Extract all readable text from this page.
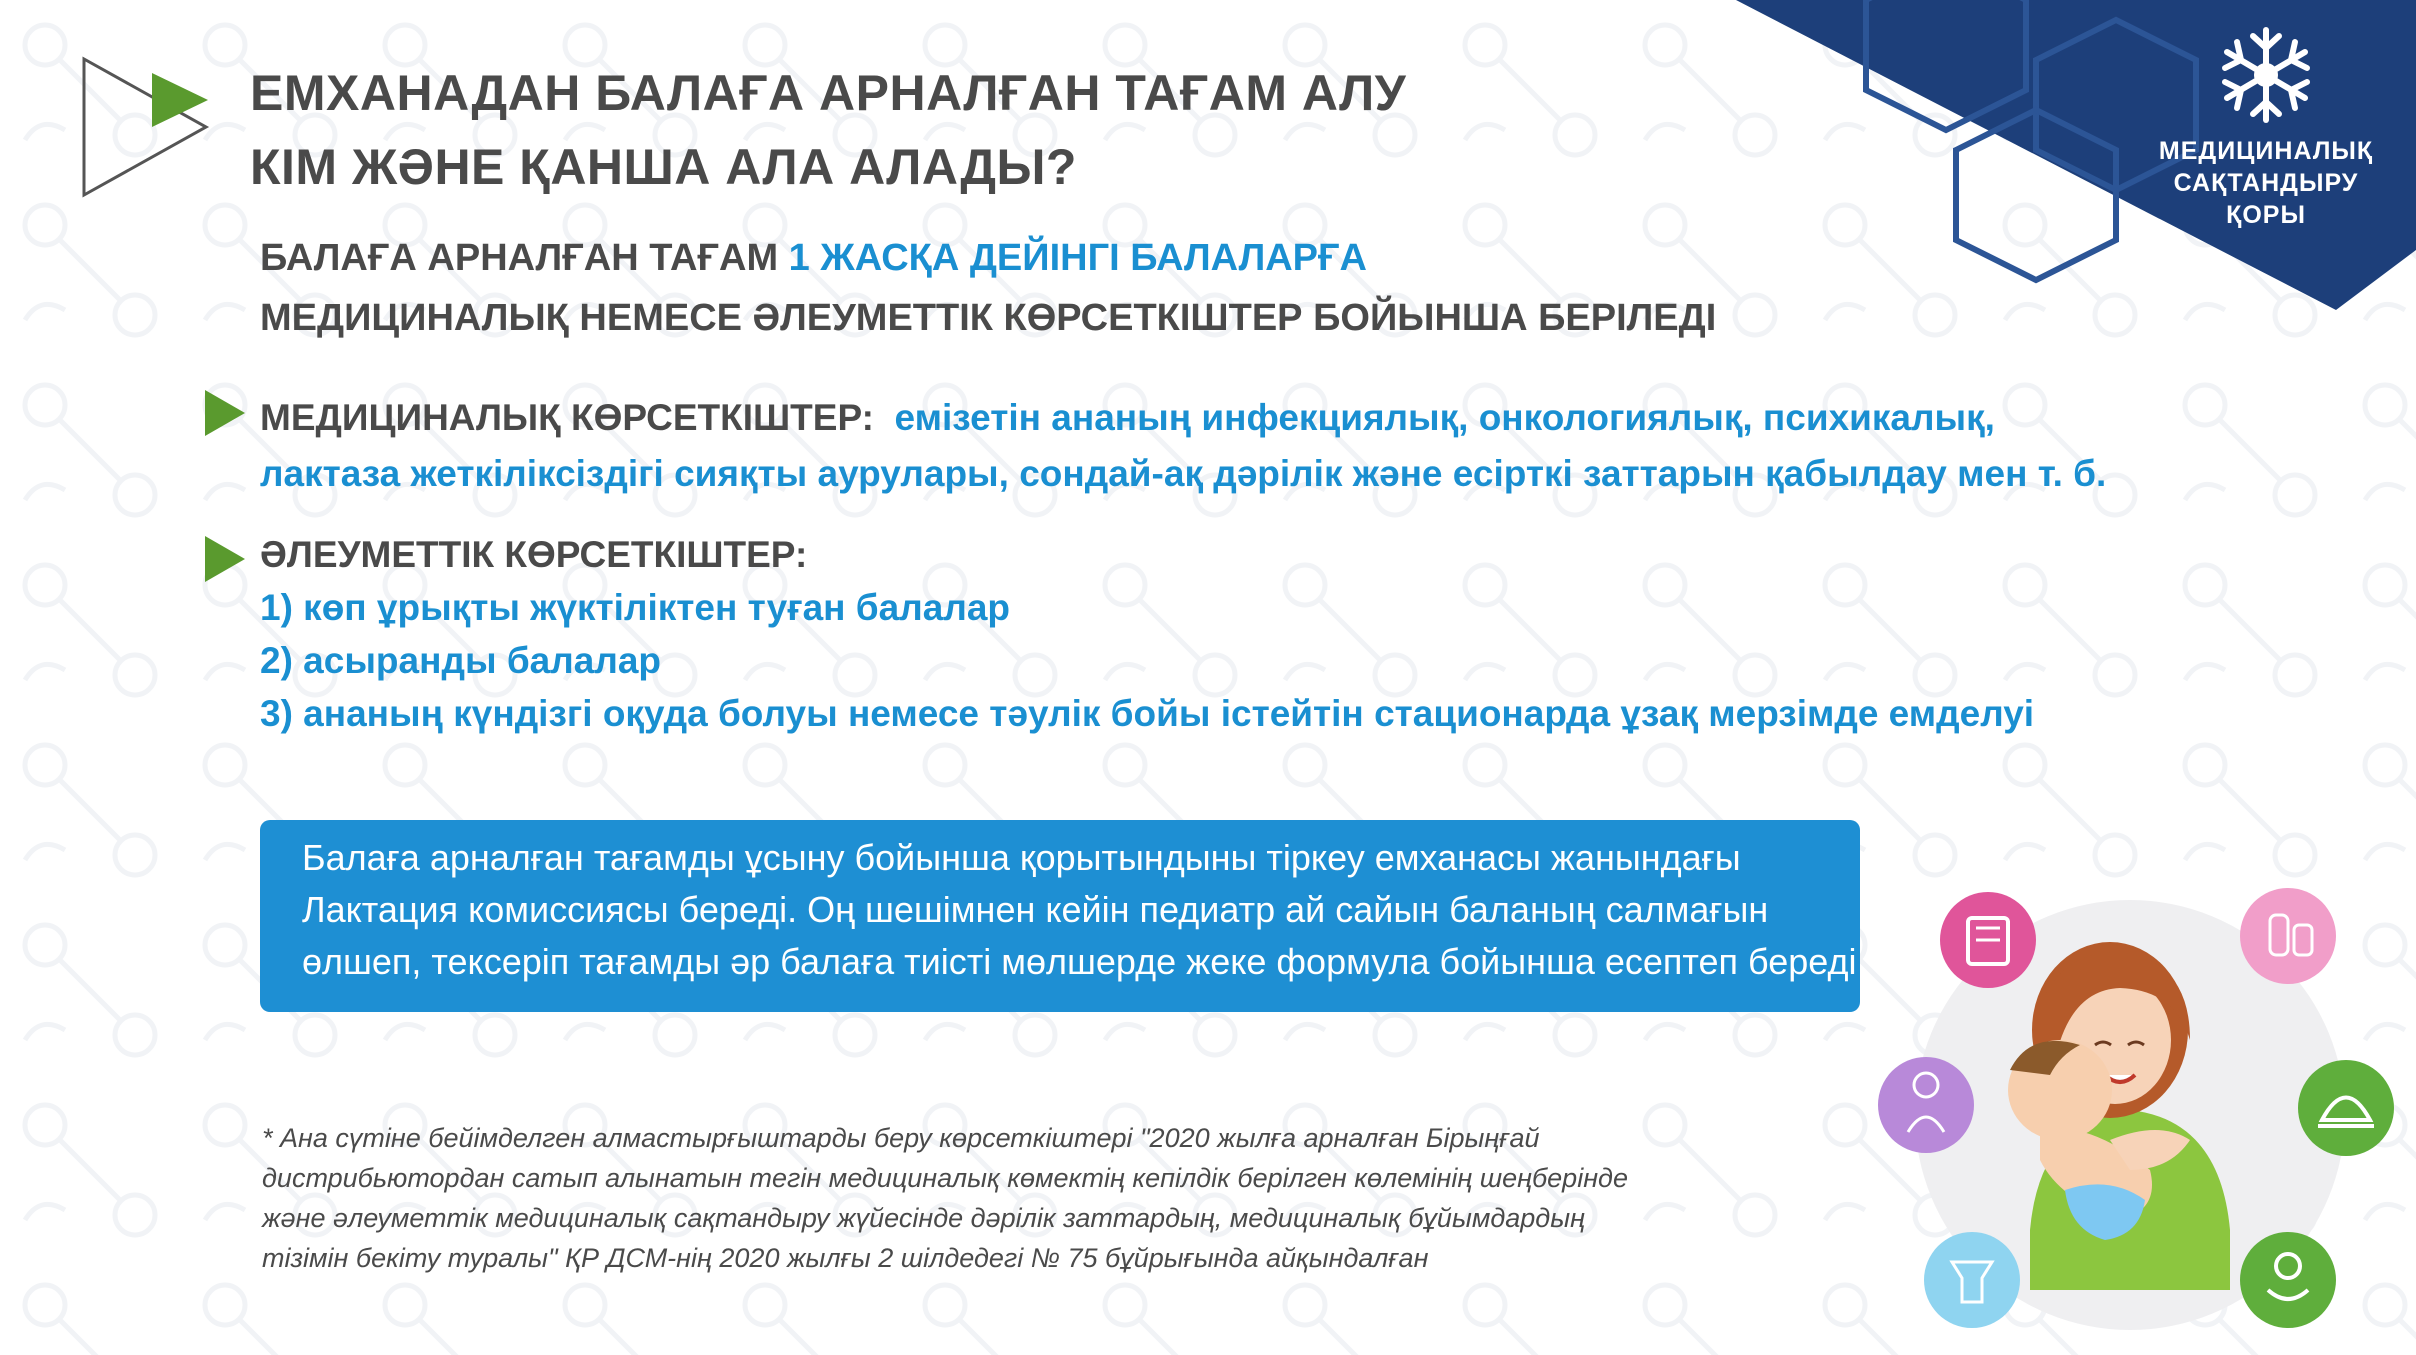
МЕДИЦИНАЛЫҚ
САҚТАНДЫРУ
ҚОРЫ
ЕМХАНАДАН БАЛАҒА АРНАЛҒАН ТАҒАМ АЛУ
КІМ ЖӘНЕ ҚАНША АЛА АЛАДЫ?
БАЛАҒА АРНАЛҒАН ТАҒАМ 1 ЖАСҚА ДЕЙІНГІ БАЛАЛАРҒА
МЕДИЦИНАЛЫҚ НЕМЕСЕ ӘЛЕУМЕТТІК КӨРСЕТКІШТЕР БОЙЫНША БЕРІЛЕДІ
МЕДИЦИНАЛЫҚ КӨРСЕТКІШТЕР: емізетін ананың инфекциялық, онкологиялық, психикалық,
лактаза жеткіліксіздігі сияқты аурулары, сондай-ақ дәрілік және есірткі заттарын қабылдау мен т. б.
ӘЛЕУМЕТТІК КӨРСЕТКІШТЕР:
1) көп ұрықты жүктіліктен туған балалар
2) асыранды балалар
3) ананың күндізгі оқуда болуы немесе тәулік бойы істейтін стационарда ұзақ мерзімде емделуі
Балаға арналған тағамды ұсыну бойынша қорытындыны тіркеу емханасы жанындағы
Лактация комиссиясы береді. Оң шешімнен кейін педиатр ай сайын баланың салмағын
өлшеп, тексеріп тағамды әр балаға тиісті мөлшерде жеке формула бойынша есептеп береді
* Ана сүтіне бейімделген алмастырғыштарды беру көрсеткіштері "2020 жылға арналған Бірыңғай
дистрибьютордан сатып алынатын тегін медициналық көмектің кепілдік берілген көлемінің шеңберінде
және әлеуметтік медициналық сақтандыру жүйесінде дәрілік заттардың, медициналық бұйымдардың
тізімін бекіту туралы" ҚР ДСМ-нің 2020 жылғы 2 шілдедегі № 75 бұйрығында айқындалған
